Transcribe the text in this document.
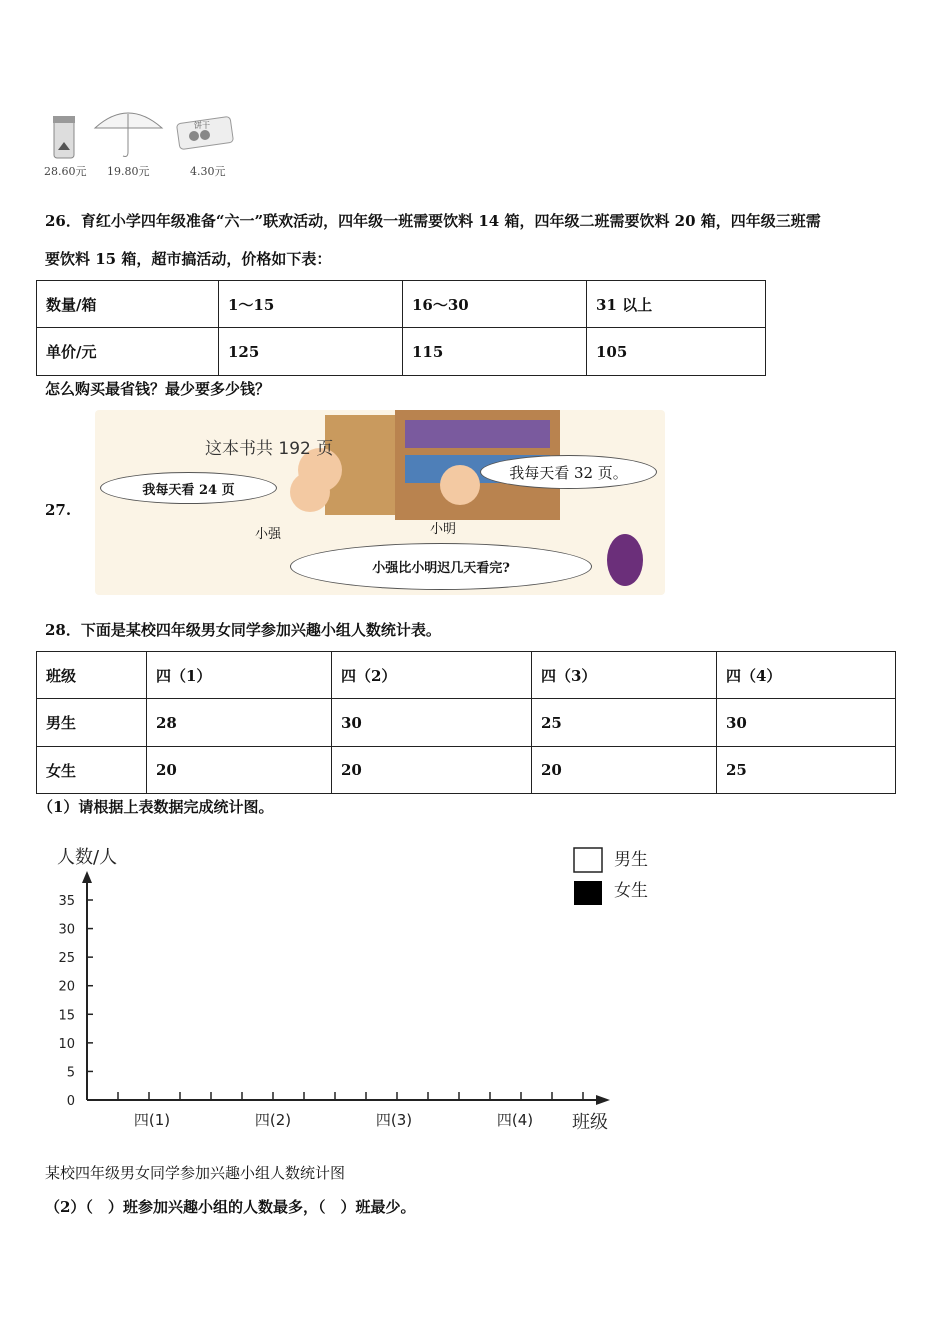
饼干
28.60元 19.80元	4.30元
26．育红小学四年级准备“六一”联欢活动，四年级一班需要饮料 14 箱，四年级二班需要饮料 20 箱，四年级三班需
要饮料 15 箱，超市搞活动，价格如下表：
数量/箱	1～15	16～30	31 以上
单价/元	125	115	105
怎么购买最省钱？最少要多少钱？
27.
这本书共 192 页
我每天看 24 页
我每天看 32 页。
小强比小明迟几天看完?
小强	小明
28．下面是某校四年级男女同学参加兴趣小组人数统计表。
班级	四（1）	四（2）	四（3）	四（4）
男生	28	30	25	30
女生	20	20	20	25
（1）请根据上表数据完成统计图。
0
5
10
15
20
25
30
35
四(1)	四(2)	四(3)	四(4)
人数/人
班级
男生
女生
某校四年级男女同学参加兴趣小组人数统计图
（2）（　）班参加兴趣小组的人数最多，（　）班最少。
